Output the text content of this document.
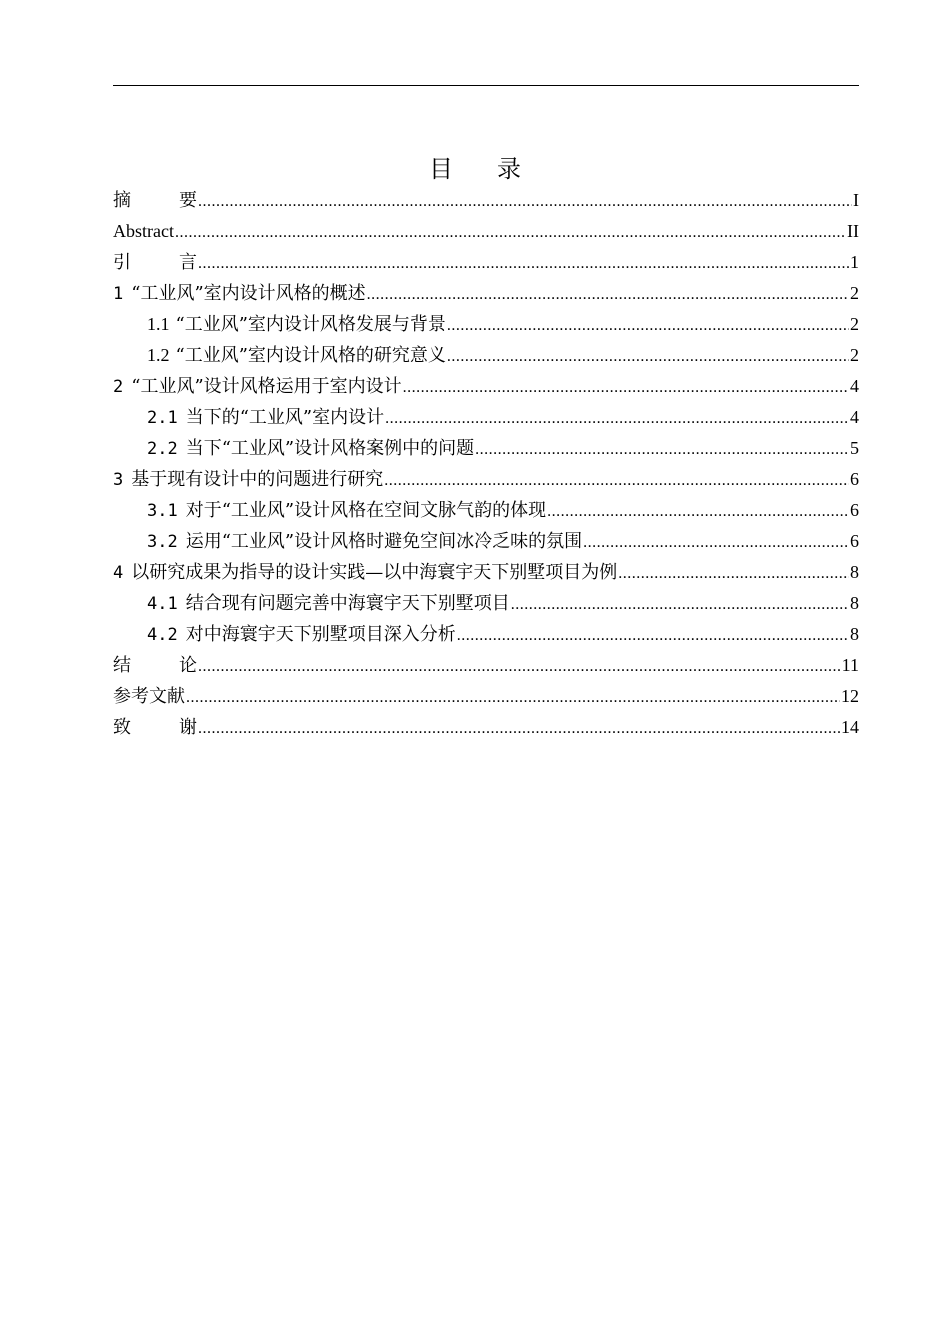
目 录
摘	要 .....	I
Abstract .....	II
引	言 .....	1
1 “工业风”室内设计风格的概述 .....	2
1.1 “工业风”室内设计风格发展与背景 .....	2
1.2 “工业风”室内设计风格的研究意义 .....	2
2 “工业风”设计风格运用于室内设计 .....	4
2.1 当下的“工业风”室内设计 .....	4
2.2 当下“工业风”设计风格案例中的问题 .....	5
3 基于现有设计中的问题进行研究 .....	6
3.1 对于“工业风”设计风格在空间文脉气韵的体现 .....	6
3.2 运用“工业风”设计风格时避免空间冰冷乏味的氛围 .....	6
4 以研究成果为指导的设计实践—以中海寰宇天下别墅项目为例 .....	8
4.1 结合现有问题完善中海寰宇天下别墅项目 .....	8
4.2 对中海寰宇天下别墅项目深入分析 .....	8
结	论 .....	11
参考文献 .....	12
致	谢 .....	14
